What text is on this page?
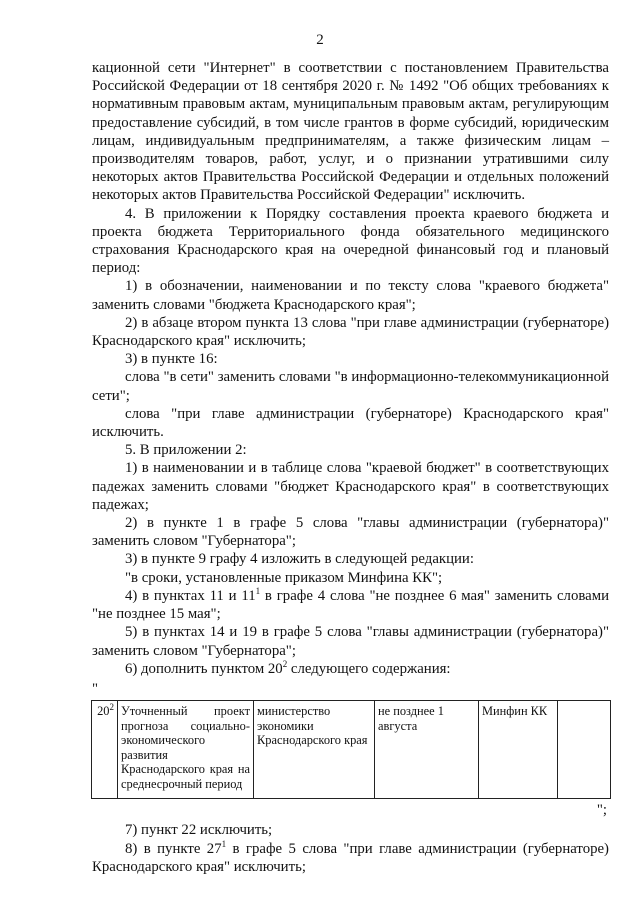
2

кационной сети "Интернет" в соответствии с постановлением Правительства Российской Федерации от 18 сентября 2020 г. № 1492 "Об общих требованиях к нормативным правовым актам, муниципальным правовым актам, регулирующим предоставление субсидий, в том числе грантов в форме субсидий, юридическим лицам, индивидуальным предпринимателям, а также физическим лицам – производителям товаров, работ, услуг, и о признании утратившими силу некоторых актов Правительства Российской Федерации и отдельных положений некоторых актов Правительства Российской Федерации" исключить.

4. В приложении к Порядку составления проекта краевого бюджета и проекта бюджета Территориального фонда обязательного медицинского страхования Краснодарского края на очередной финансовый год и плановый период:

1) в обозначении, наименовании и по тексту слова "краевого бюджета" заменить словами "бюджета Краснодарского края";

2) в абзаце втором пункта 13 слова "при главе администрации (губернаторе) Краснодарского края" исключить;

3) в пункте 16:

слова "в сети" заменить словами "в информационно-телекоммуникационной сети";

слова "при главе администрации (губернаторе) Краснодарского края" исключить.

5. В приложении 2:

1) в наименовании и в таблице слова "краевой бюджет" в соответствующих падежах заменить словами "бюджет Краснодарского края" в соответствующих падежах;

2) в пункте 1 в графе 5 слова "главы администрации (губернатора)" заменить словом "Губернатора";

3) в пункте 9 графу 4 изложить в следующей редакции:

"в сроки, установленные приказом Минфина КК";

4) в пунктах 11 и $11^1$ в графе 4 слова "не позднее 6 мая" заменить словами "не позднее 15 мая";

5) в пунктах 14 и 19 в графе 5 слова "главы администрации (губернатора)" заменить словом "Губернатора";

6) дополнить пунктом $20^2$ следующего содержания:

"

$20^2$	Уточненный проект прогноза социально-экономического развития Краснодарского края на среднесрочный период	министерство экономики Краснодарского края	не позднее 1 августа	Минфин КК	

";

7) пункт 22 исключить;

8) в пункте $27^1$ в графе 5 слова "при главе администрации (губернаторе) Краснодарского края" исключить;
